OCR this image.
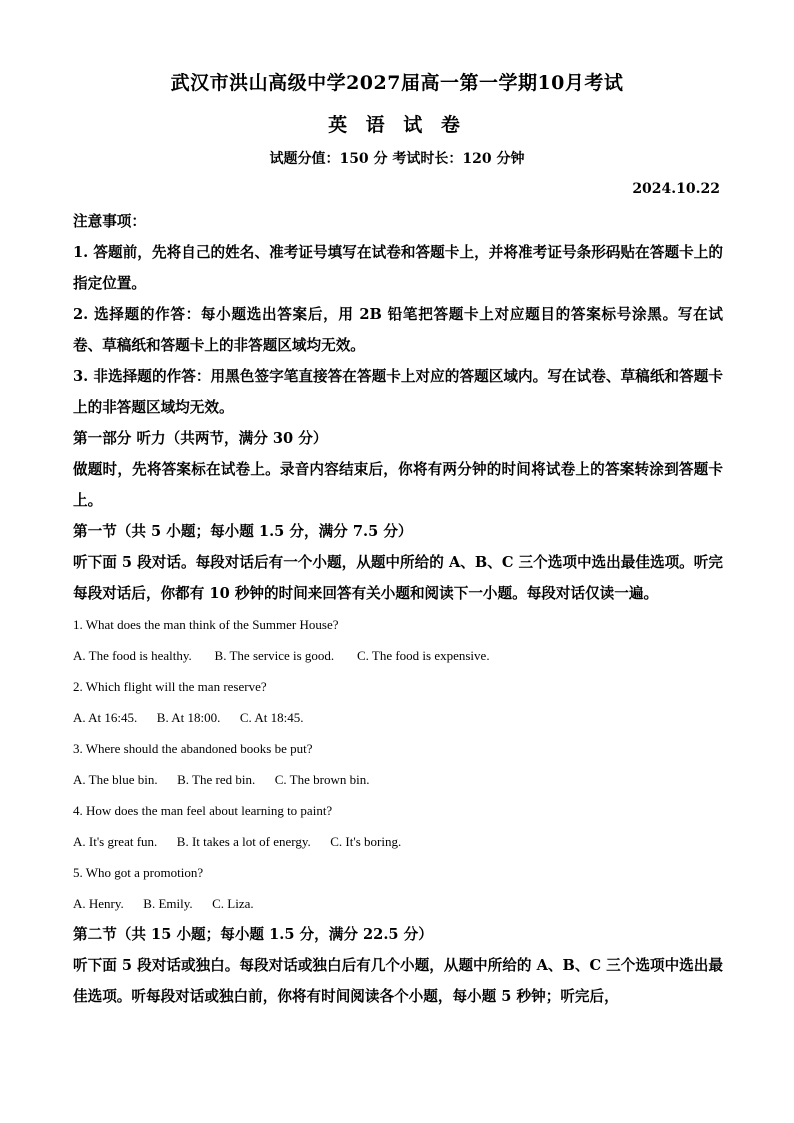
武汉市洪山高级中学2027届高一第一学期10月考试
英 语 试 卷
试题分值：150 分 考试时长：120 分钟
2024.10.22

注意事项：

1. 答题前，先将自己的姓名、准考证号填写在试卷和答题卡上，并将准考证号条形码贴在答题卡上的指定位置。

2. 选择题的作答：每小题选出答案后，用 2B 铅笔把答题卡上对应题目的答案标号涂黑。写在试卷、草稿纸和答题卡上的非答题区域均无效。

3. 非选择题的作答：用黑色签字笔直接答在答题卡上对应的答题区域内。写在试卷、草稿纸和答题卡上的非答题区域均无效。

第一部分 听力（共两节，满分 30 分）

做题时，先将答案标在试卷上。录音内容结束后，你将有两分钟的时间将试卷上的答案转涂到答题卡上。

第一节（共 5 小题；每小题 1.5 分，满分 7.5 分）

听下面 5 段对话。每段对话后有一个小题，从题中所给的 A、B、C 三个选项中选出最佳选项。听完每段对话后，你都有 10 秒钟的时间来回答有关小题和阅读下一小题。每段对话仅读一遍。

1. What does the man think of the Summer House?

A. The food is healthy. B. The service is good. C. The food is expensive.

2. Which flight will the man reserve?

A. At 16:45. B. At 18:00. C. At 18:45.

3. Where should the abandoned books be put?

A. The blue bin. B. The red bin. C. The brown bin.

4. How does the man feel about learning to paint?

A. It's great fun. B. It takes a lot of energy. C. It's boring.

5. Who got a promotion?

A. Henry. B. Emily. C. Liza.

第二节（共 15 小题；每小题 1.5 分，满分 22.5 分）

听下面 5 段对话或独白。每段对话或独白后有几个小题，从题中所给的 A、B、C 三个选项中选出最佳选项。听每段对话或独白前，你将有时间阅读各个小题，每小题 5 秒钟；听完后，
